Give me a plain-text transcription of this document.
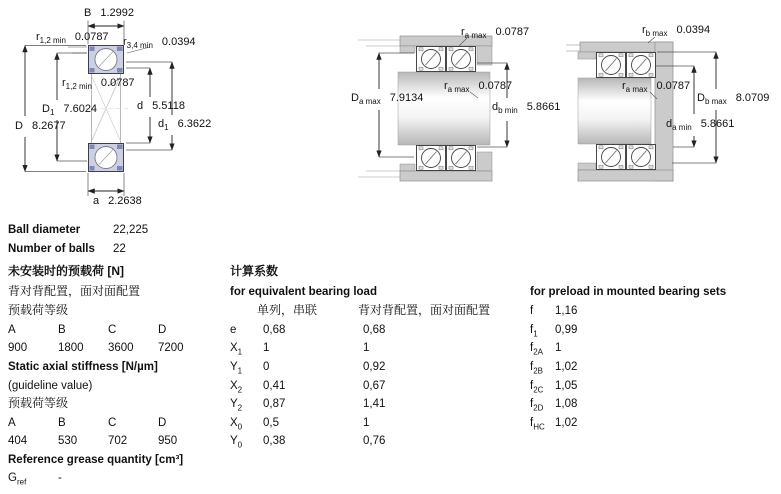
B 1.2992
$r_{1,2 min}$ 0.0787 $r_{3,4 min}$ 0.0394
$r_{1,2 min}$ 0.0787
$D_1$ 7.6024	d 5.5118
D 8.2677	$d_1$ 6.3622
a 2.2638
$r_{a max}$ 0.0787
$D_{a max}$ 7.9134
$r_{a max}$ 0.0787
$d_{b min}$ 5.8661
$r_{b max}$ 0.0394
$r_{a max}$ 0.0787
$D_{b max}$ 8.0709
$d_{a min}$ 5.8661
Ball diameter	22,225
Number of balls 22
未安装时的预载荷 [N]
背对背配置，面对面配置
预载荷等级
A	B	C	D
900	1800 3600 7200
Static axial stiffness [N/µm]
(guideline value)
预载荷等级
A	B	C	D
404	530	702	950
Reference grease quantity [cm³]
$G_{ref}$	-
计算系数
for equivalent bearing load
单列，串联	背对背配置，面对面配置
e 0,68	0,68
$X_1$ 1	1
$Y_1$ 0	0,92
$X_2$ 0,41	0,67
$Y_2$ 0,87	1,41
$X_0$ 0,5	1
$Y_0$ 0,38	0,76
for preload in mounted bearing sets
f 1,16
$f_1$ 0,99
$f_{2A}$ 1
$f_{2B}$ 1,02
$f_{2C}$ 1,05
$f_{2D}$ 1,08
$f_{HC}$ 1,02
